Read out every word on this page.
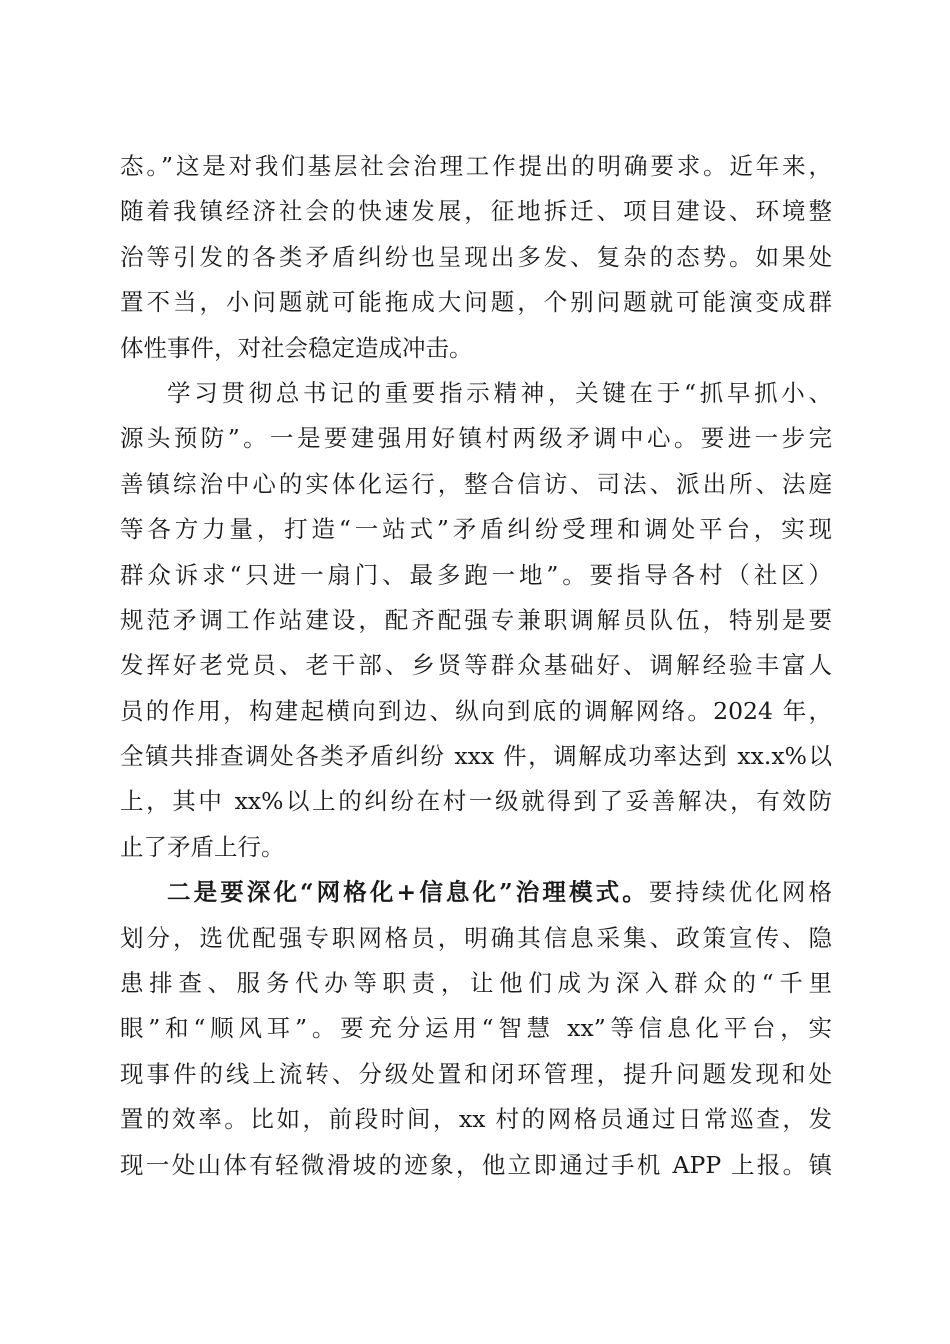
态。”这是对我们基层社会治理工作提出的明确要求。近年来，
随着我镇经济社会的快速发展，征地拆迁、项目建设、环境整
治等引发的各类矛盾纠纷也呈现出多发、复杂的态势。如果处
置不当，小问题就可能拖成大问题，个别问题就可能演变成群
体性事件，对社会稳定造成冲击。
学习贯彻总书记的重要指示精神，关键在于“抓早抓小、
源头预防”。一是要建强用好镇村两级矛调中心。要进一步完
善镇综治中心的实体化运行，整合信访、司法、派出所、法庭
等各方力量，打造“一站式”矛盾纠纷受理和调处平台，实现
群众诉求“只进一扇门、最多跑一地”。要指导各村（社区）
规范矛调工作站建设，配齐配强专兼职调解员队伍，特别是要
发挥好老党员、老干部、乡贤等群众基础好、调解经验丰富人
员的作用，构建起横向到边、纵向到底的调解网络。2024 年，
全镇共排查调处各类矛盾纠纷 xxx 件，调解成功率达到 xx.x%以
上，其中 xx%以上的纠纷在村一级就得到了妥善解决，有效防
止了矛盾上行。
二是要深化“网格化+信息化”治理模式。要持续优化网格
划分，选优配强专职网格员，明确其信息采集、政策宣传、隐
患排查、服务代办等职责，让他们成为深入群众的“千里
眼”和“顺风耳”。要充分运用“智慧 xx”等信息化平台，实
现事件的线上流转、分级处置和闭环管理，提升问题发现和处
置的效率。比如，前段时间，xx 村的网格员通过日常巡查，发
现一处山体有轻微滑坡的迹象，他立即通过手机 APP 上报。镇
